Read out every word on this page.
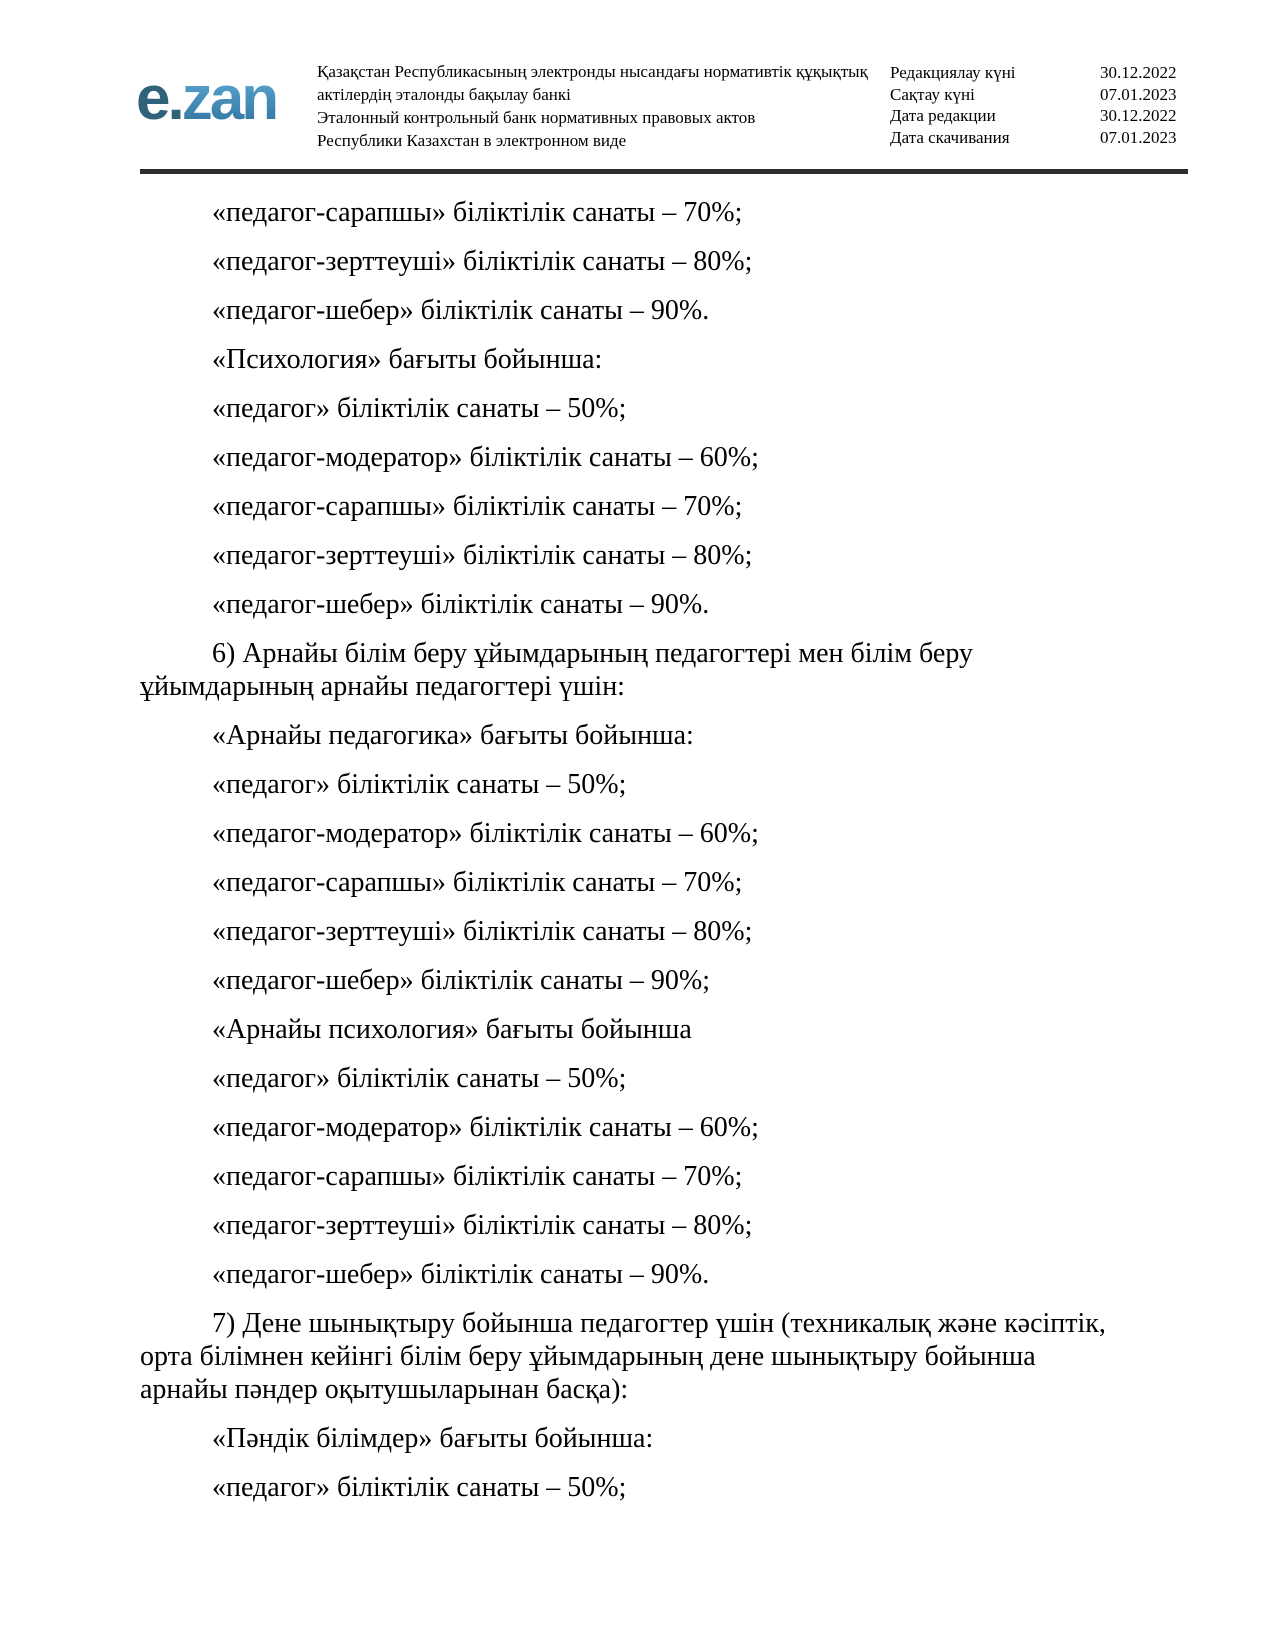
e.zan Қазақстан Республикасының электронды нысандағы нормативтік құқықтық
актілердің эталонды бақылау банкі
Эталонный контрольный банк нормативных правовых актов
Республики Казахстан в электронном виде
Редакциялау күні	30.12.2022
Сақтау күні	07.01.2023
Дата редакции	30.12.2022
Дата скачивания	07.01.2023

«педагог-сарапшы» біліктілік санаты – 70%;

«педагог-зерттеуші» біліктілік санаты – 80%;

«педагог-шебер» біліктілік санаты – 90%.

«Психология» бағыты бойынша:

«педагог» біліктілік санаты – 50%;

«педагог-модератор» біліктілік санаты – 60%;

«педагог-сарапшы» біліктілік санаты – 70%;

«педагог-зерттеуші» біліктілік санаты – 80%;

«педагог-шебер» біліктілік санаты – 90%.

6) Арнайы білім беру ұйымдарының педагогтері мен білім беру
ұйымдарының арнайы педагогтері үшін:

«Арнайы педагогика» бағыты бойынша:

«педагог» біліктілік санаты – 50%;

«педагог-модератор» біліктілік санаты – 60%;

«педагог-сарапшы» біліктілік санаты – 70%;

«педагог-зерттеуші» біліктілік санаты – 80%;

«педагог-шебер» біліктілік санаты – 90%;

«Арнайы психология» бағыты бойынша

«педагог» біліктілік санаты – 50%;

«педагог-модератор» біліктілік санаты – 60%;

«педагог-сарапшы» біліктілік санаты – 70%;

«педагог-зерттеуші» біліктілік санаты – 80%;

«педагог-шебер» біліктілік санаты – 90%.

7) Дене шынықтыру бойынша педагогтер үшін (техникалық және кәсіптік,
орта білімнен кейінгі білім беру ұйымдарының дене шынықтыру бойынша
арнайы пәндер оқытушыларынан басқа):

«Пәндік білімдер» бағыты бойынша:

«педагог» біліктілік санаты – 50%;
